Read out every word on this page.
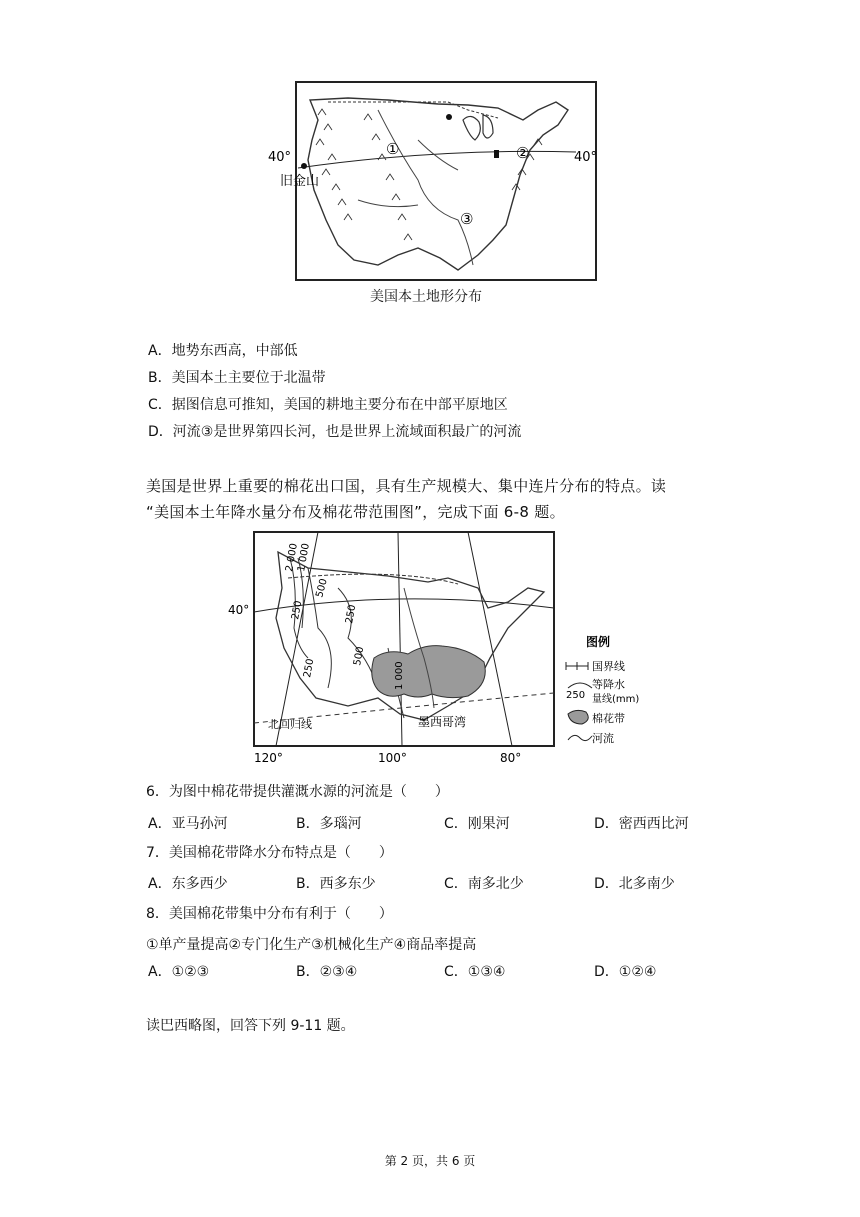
40°	40°
旧金山
①	②
③
美国本土地形分布
A．地势东西高，中部低
B．美国本土主要位于北温带
C．据图信息可推知，美国的耕地主要分布在中部平原地区
D．河流③是世界第四长河，也是世界上流域面积最广的河流
美国是世界上重要的棉花出口国，具有生产规模大、集中连片分布的特点。读
“美国本土年降水量分布及棉花带范围图”，完成下面 6-8 题。
40°
120°	100°	80°
墨西哥湾
北回归线
2 000
1 000
500
250	250
500
250	1 000
图例
国界线
250
等降水
量线(mm)
棉花带
河流
6．为图中棉花带提供灌溉水源的河流是（　　）
A．亚马孙河	B．多瑙河	C．刚果河	D．密西西比河
7．美国棉花带降水分布特点是（　　）
A．东多西少	B．西多东少	C．南多北少	D．北多南少
8．美国棉花带集中分布有利于（　　）
①单产量提高②专门化生产③机械化生产④商品率提高
A．①②③	B．②③④	C．①③④	D．①②④
读巴西略图，回答下列 9-11 题。
第 2 页，共 6 页
